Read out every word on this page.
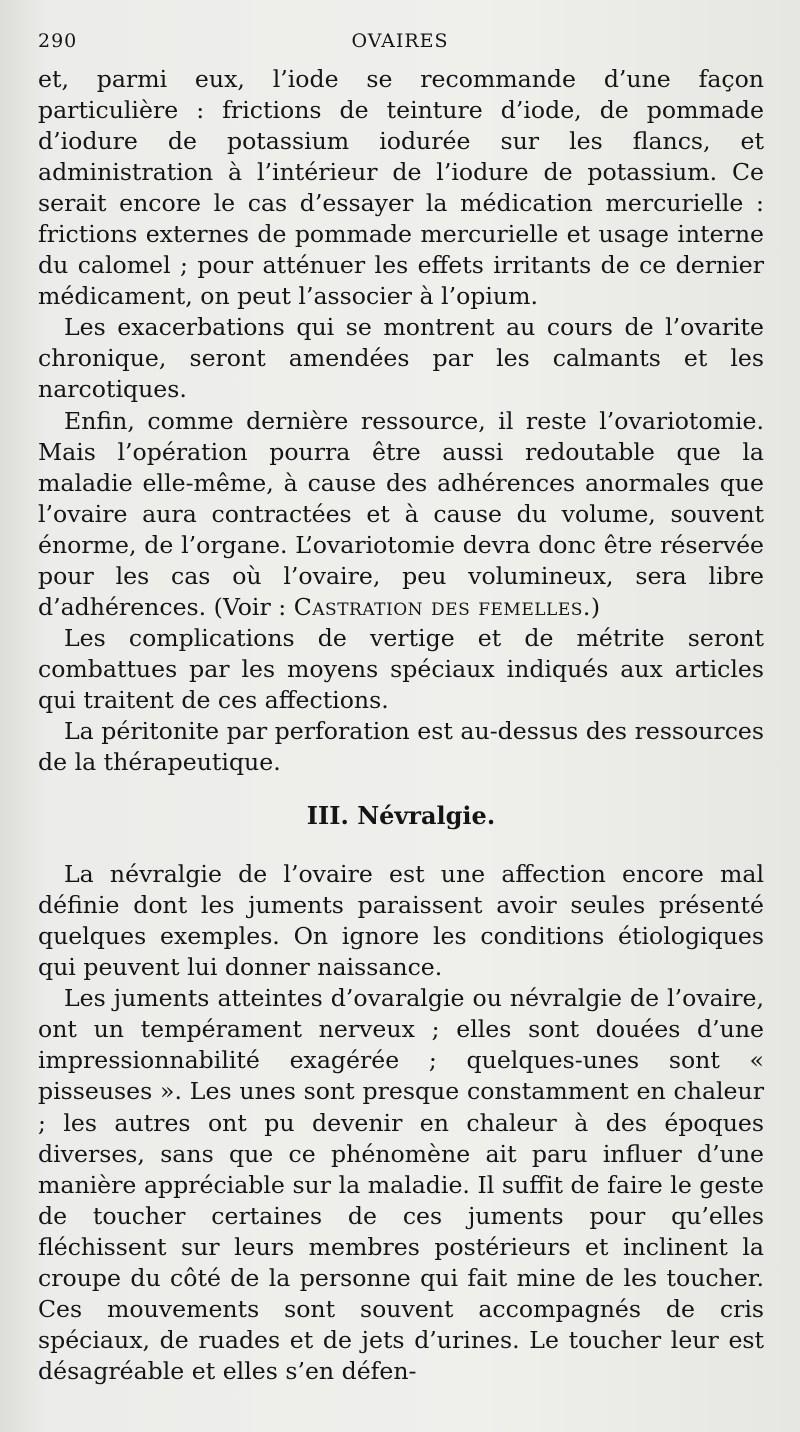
290	OVAIRES

et, parmi eux, l’iode se recommande d’une façon particulière : frictions de teinture d’iode, de pommade d’iodure de potassium iodurée sur les flancs, et administration à l’intérieur de l’iodure de potassium. Ce serait encore le cas d’essayer la médication mercurielle : frictions externes de pommade mercurielle et usage interne du calomel ; pour atténuer les effets irritants de ce dernier médicament, on peut l’associer à l’opium.

Les exacerbations qui se montrent au cours de l’ovarite chronique, seront amendées par les calmants et les narcotiques.

Enfin, comme dernière ressource, il reste l’ovariotomie. Mais l’opération pourra être aussi redoutable que la maladie elle-même, à cause des adhérences anormales que l’ovaire aura contractées et à cause du volume, souvent énorme, de l’organe. L’ovariotomie devra donc être réservée pour les cas où l’ovaire, peu volumineux, sera libre d’adhérences. (Voir : Castration des femelles.)

Les complications de vertige et de métrite seront combattues par les moyens spéciaux indiqués aux articles qui traitent de ces affections.

La péritonite par perforation est au-dessus des ressources de la thérapeutique.

III. Névralgie.

La névralgie de l’ovaire est une affection encore mal définie dont les juments paraissent avoir seules présenté quelques exemples. On ignore les conditions étiologiques qui peuvent lui donner naissance.

Les juments atteintes d’ovaralgie ou névralgie de l’ovaire, ont un tempérament nerveux ; elles sont douées d’une impressionnabilité exagérée ; quelques-unes sont « pisseuses ». Les unes sont presque constamment en chaleur ; les autres ont pu devenir en chaleur à des époques diverses, sans que ce phénomène ait paru influer d’une manière appréciable sur la maladie. Il suffit de faire le geste de toucher certaines de ces juments pour qu’elles fléchissent sur leurs membres postérieurs et inclinent la croupe du côté de la personne qui fait mine de les toucher. Ces mouvements sont souvent accompagnés de cris spéciaux, de ruades et de jets d’urines. Le toucher leur est désagréable et elles s’en défen-
